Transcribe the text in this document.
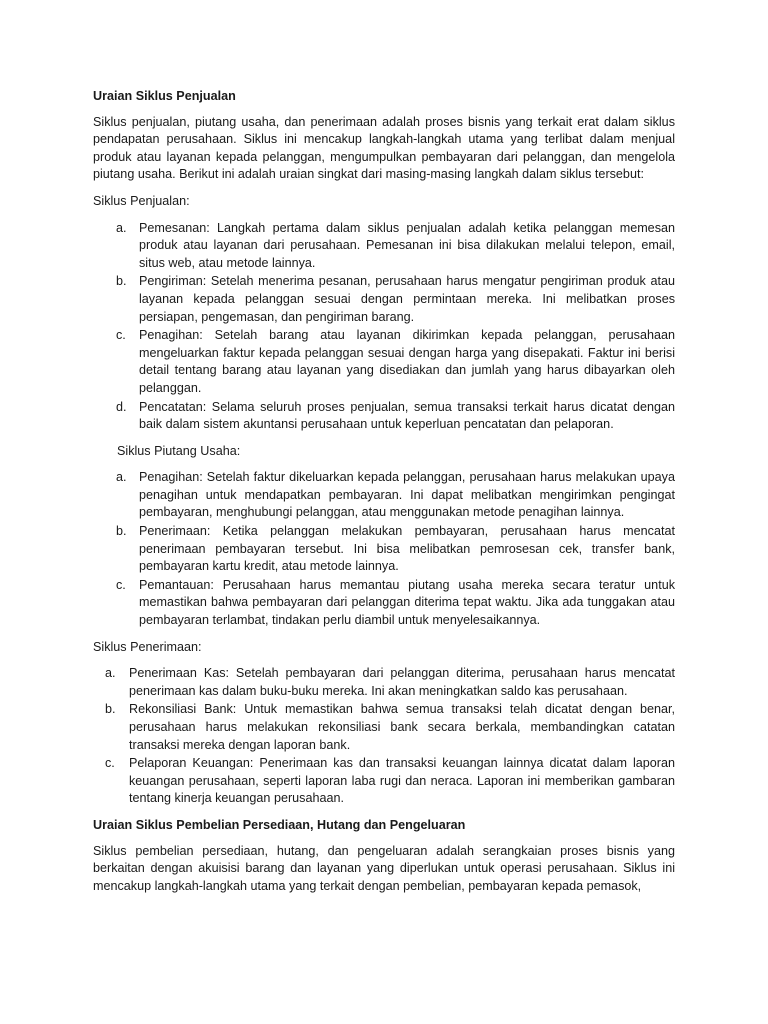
Uraian Siklus Penjualan

Siklus penjualan, piutang usaha, dan penerimaan adalah proses bisnis yang terkait erat dalam siklus pendapatan perusahaan. Siklus ini mencakup langkah-langkah utama yang terlibat dalam menjual produk atau layanan kepada pelanggan, mengumpulkan pembayaran dari pelanggan, dan mengelola piutang usaha. Berikut ini adalah uraian singkat dari masing-masing langkah dalam siklus tersebut:

Siklus Penjualan:
a. Pemesanan: Langkah pertama dalam siklus penjualan adalah ketika pelanggan memesan produk atau layanan dari perusahaan. Pemesanan ini bisa dilakukan melalui telepon, email, situs web, atau metode lainnya.
b. Pengiriman: Setelah menerima pesanan, perusahaan harus mengatur pengiriman produk atau layanan kepada pelanggan sesuai dengan permintaan mereka. Ini melibatkan proses persiapan, pengemasan, dan pengiriman barang.
c. Penagihan: Setelah barang atau layanan dikirimkan kepada pelanggan, perusahaan mengeluarkan faktur kepada pelanggan sesuai dengan harga yang disepakati. Faktur ini berisi detail tentang barang atau layanan yang disediakan dan jumlah yang harus dibayarkan oleh pelanggan.
d. Pencatatan: Selama seluruh proses penjualan, semua transaksi terkait harus dicatat dengan baik dalam sistem akuntansi perusahaan untuk keperluan pencatatan dan pelaporan.
Siklus Piutang Usaha:
a. Penagihan: Setelah faktur dikeluarkan kepada pelanggan, perusahaan harus melakukan upaya penagihan untuk mendapatkan pembayaran. Ini dapat melibatkan mengirimkan pengingat pembayaran, menghubungi pelanggan, atau menggunakan metode penagihan lainnya.
b. Penerimaan: Ketika pelanggan melakukan pembayaran, perusahaan harus mencatat penerimaan pembayaran tersebut. Ini bisa melibatkan pemrosesan cek, transfer bank, pembayaran kartu kredit, atau metode lainnya.
c. Pemantauan: Perusahaan harus memantau piutang usaha mereka secara teratur untuk memastikan bahwa pembayaran dari pelanggan diterima tepat waktu. Jika ada tunggakan atau pembayaran terlambat, tindakan perlu diambil untuk menyelesaikannya.
Siklus Penerimaan:
a. Penerimaan Kas: Setelah pembayaran dari pelanggan diterima, perusahaan harus mencatat penerimaan kas dalam buku-buku mereka. Ini akan meningkatkan saldo kas perusahaan.
b. Rekonsiliasi Bank: Untuk memastikan bahwa semua transaksi telah dicatat dengan benar, perusahaan harus melakukan rekonsiliasi bank secara berkala, membandingkan catatan transaksi mereka dengan laporan bank.
c. Pelaporan Keuangan: Penerimaan kas dan transaksi keuangan lainnya dicatat dalam laporan keuangan perusahaan, seperti laporan laba rugi dan neraca. Laporan ini memberikan gambaran tentang kinerja keuangan perusahaan.
Uraian Siklus Pembelian Persediaan, Hutang dan Pengeluaran

Siklus pembelian persediaan, hutang, dan pengeluaran adalah serangkaian proses bisnis yang berkaitan dengan akuisisi barang dan layanan yang diperlukan untuk operasi perusahaan. Siklus ini mencakup langkah-langkah utama yang terkait dengan pembelian, pembayaran kepada pemasok,
